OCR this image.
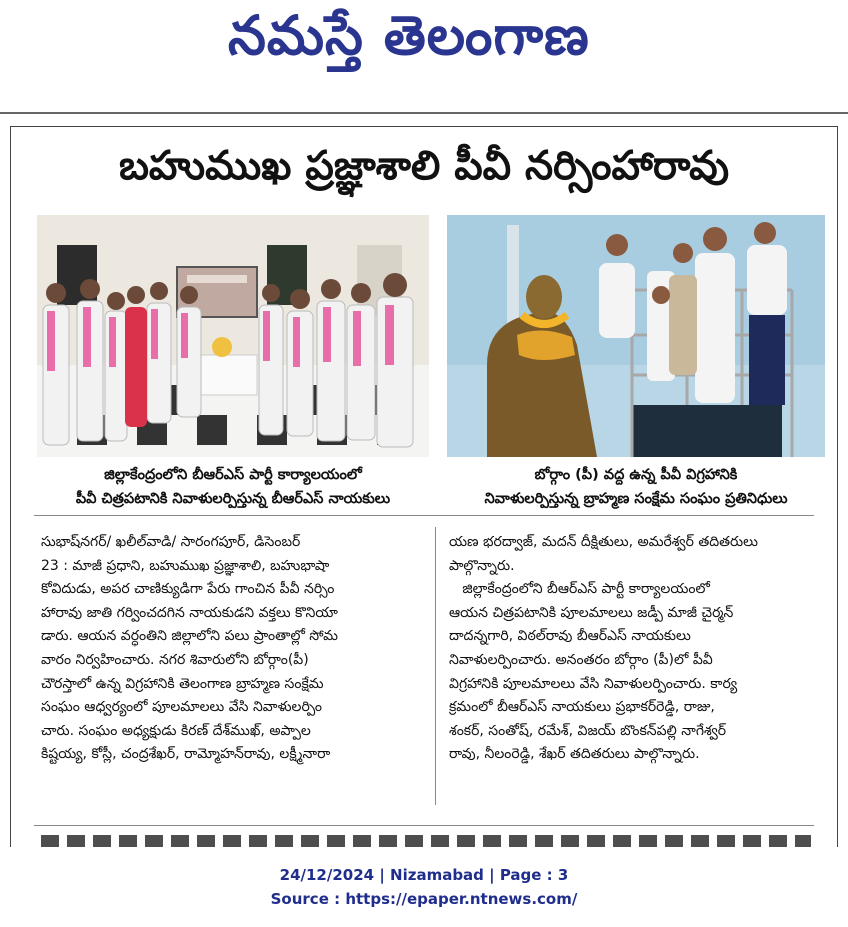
నమస్తే తెలంగాణ
బహుముఖ ప్రజ్ఞాశాలి పీవీ నర్సింహారావు
జిల్లాకేంద్రంలోని బీఆర్ఎస్ పార్టీ కార్యాలయంలో
పీవీ చిత్రపటానికి నివాళులర్పిస్తున్న బీఆర్ఎస్ నాయకులు
బోర్గాం (పీ) వద్ద ఉన్న పీవీ విగ్రహానికి
నివాళులర్పిస్తున్న బ్రాహ్మణ సంక్షేమ సంఘం ప్రతినిధులు
సుభాష్‌నగర్/ ఖలీల్‌వాడి/ సారంగపూర్, డిసెంబర్
23 : మాజీ ప్రధాని, బహుముఖ ప్రజ్ఞాశాలి, బహుభాషా
కోవిదుడు, అపర చాణిక్యుడిగా పేరు గాంచిన పీవీ నర్సిం
హారావు జాతి గర్వించదగిన నాయకుడని వక్తలు కొనియా
డారు. ఆయన వర్ధంతిని జిల్లాలోని పలు ప్రాంతాల్లో సోమ
వారం నిర్వహించారు. నగర శివారులోని బోర్గాం(పీ)
చౌరస్తాలో ఉన్న విగ్రహానికి తెలంగాణ బ్రాహ్మణ సంక్షేమ
సంఘం ఆధ్వర్యంలో పూలమాలలు వేసి నివాళులర్పిం
చారు. సంఘం అధ్యక్షుడు కిరణ్ దేశ్‌ముఖ్, అప్పాల
కిష్టయ్య, కోస్లీ, చంద్రశేఖర్, రామ్మోహన్‌రావు, లక్ష్మీనారా
యణ భరద్వాజ్, మదన్ దీక్షితులు, అమరేశ్వర్ తదితరులు
పాల్గొన్నారు.
జిల్లాకేంద్రంలోని బీఆర్ఎస్ పార్టీ కార్యాలయంలో
ఆయన చిత్రపటానికి పూలమాలలు జడ్పీ మాజీ చైర్మన్
దాదన్నగారి, విఠల్‌రావు బీఆర్ఎస్ నాయకులు
నివాళులర్పించారు. అనంతరం బోర్గాం (పీ)లో పీవీ
విగ్రహానికి పూలమాలలు వేసి నివాళులర్పించారు. కార్య
క్రమంలో బీఆర్ఎస్ నాయకులు ప్రభాకర్‌రెడ్డి, రాజు,
శంకర్, సంతోష్, రమేశ్, విజయ్ బొంకన్‌పల్లి నాగేశ్వర్
రావు, నీలంరెడ్డి, శేఖర్ తదితరులు పాల్గొన్నారు.
24/12/2024 | Nizamabad | Page : 3
Source : https://epaper.ntnews.com/
